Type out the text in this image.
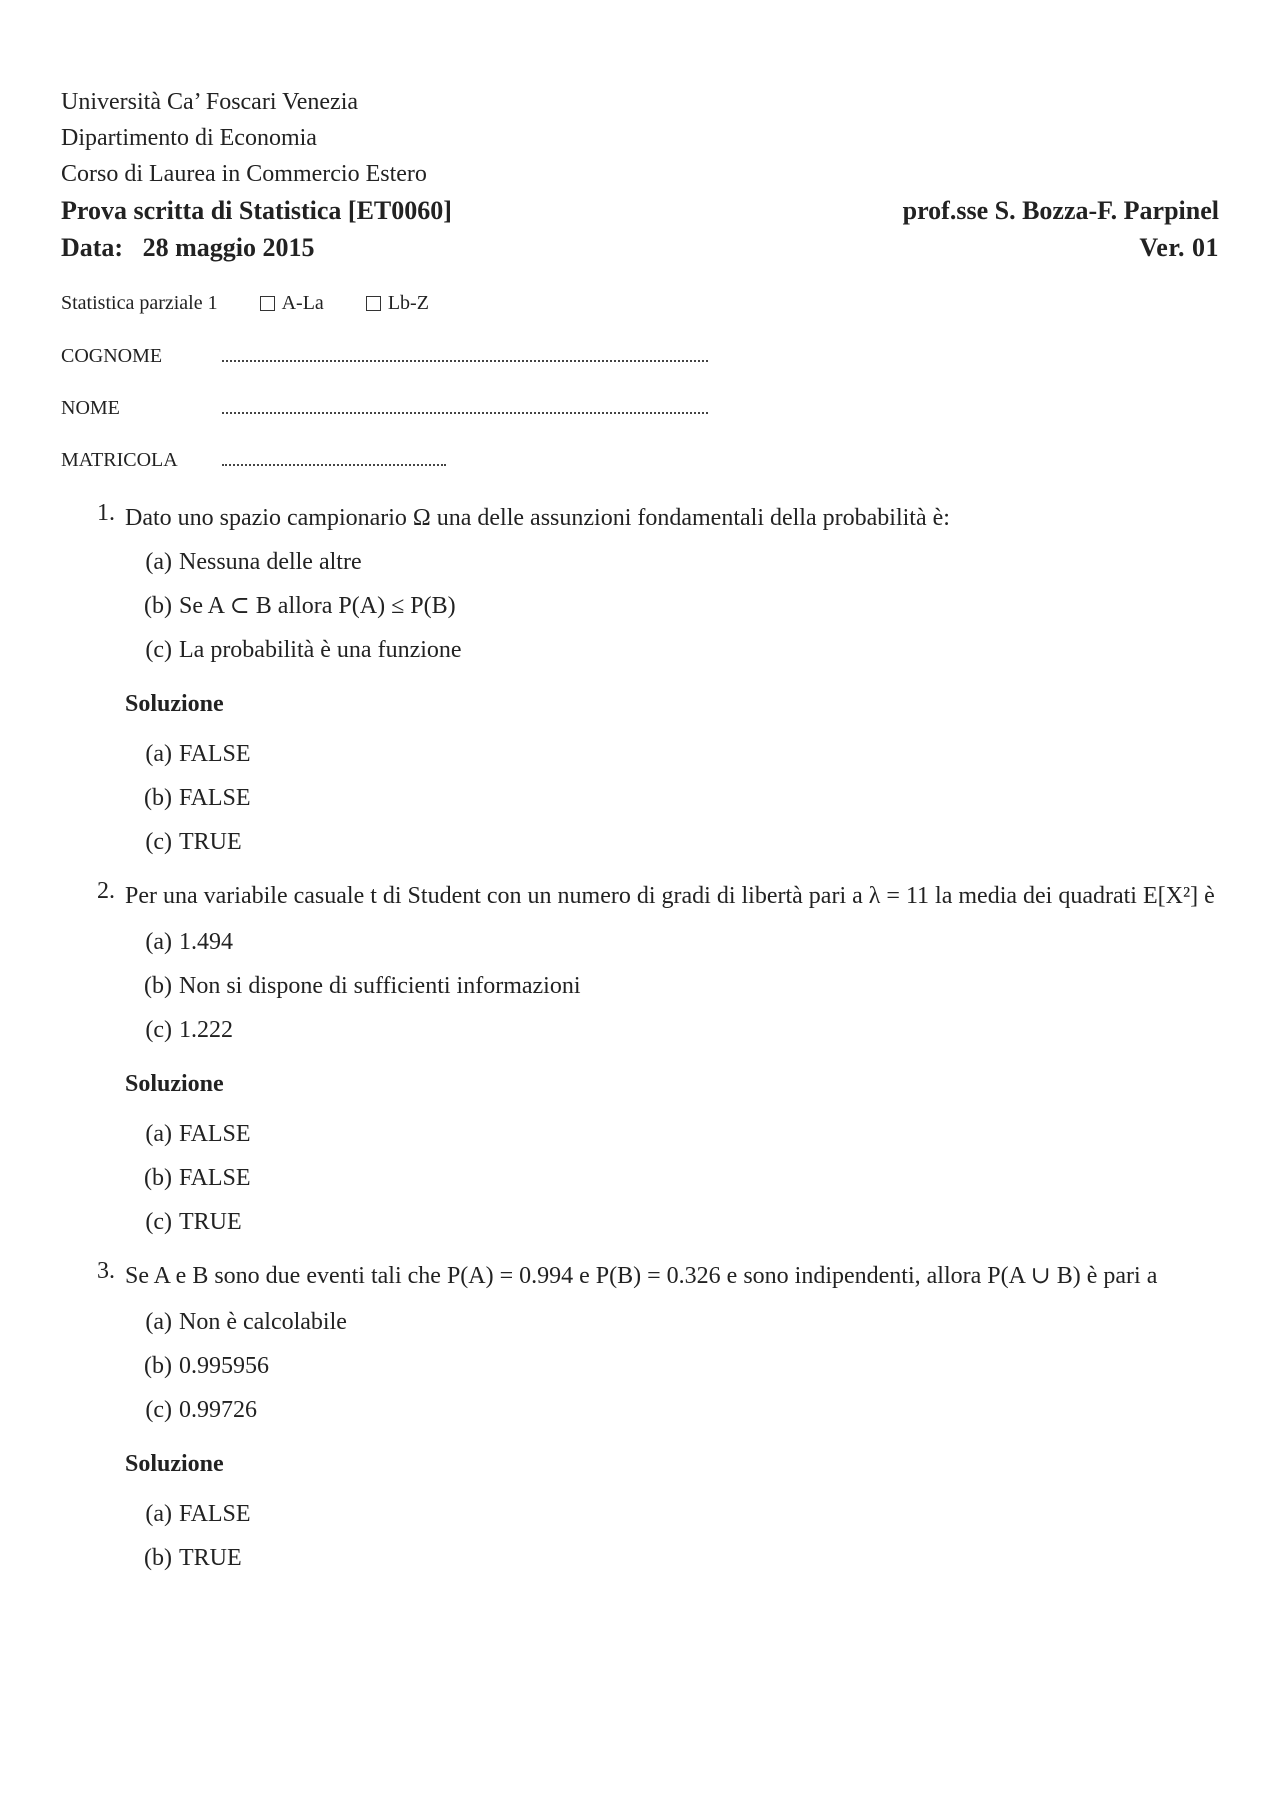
Università Ca’ Foscari Venezia
Dipartimento di Economia
Corso di Laurea in Commercio Estero
Prova scritta di Statistica [ET0060]	prof.sse S. Bozza-F. Parpinel
Data: 28 maggio 2015	Ver. 01
Statistica parziale 1	A-La	Lb-Z
COGNOME
NOME
MATRICOLA
1. Dato uno spazio campionario Ω una delle assunzioni fondamentali della probabilità è:
(a) Nessuna delle altre
(b) Se A ⊂ B allora P(A) ≤ P(B)
(c) La probabilità è una funzione
Soluzione
(a) FALSE
(b) FALSE
(c) TRUE
2. Per una variabile casuale t di Student con un numero di gradi di libertà pari a λ = 11 la media dei quadrati E[X²] è
(a) 1.494
(b) Non si dispone di sufficienti informazioni
(c) 1.222
Soluzione
(a) FALSE
(b) FALSE
(c) TRUE
3. Se A e B sono due eventi tali che P(A) = 0.994 e P(B) = 0.326 e sono indipendenti, allora P(A ∪ B) è pari a
(a) Non è calcolabile
(b) 0.995956
(c) 0.99726
Soluzione
(a) FALSE
(b) TRUE
